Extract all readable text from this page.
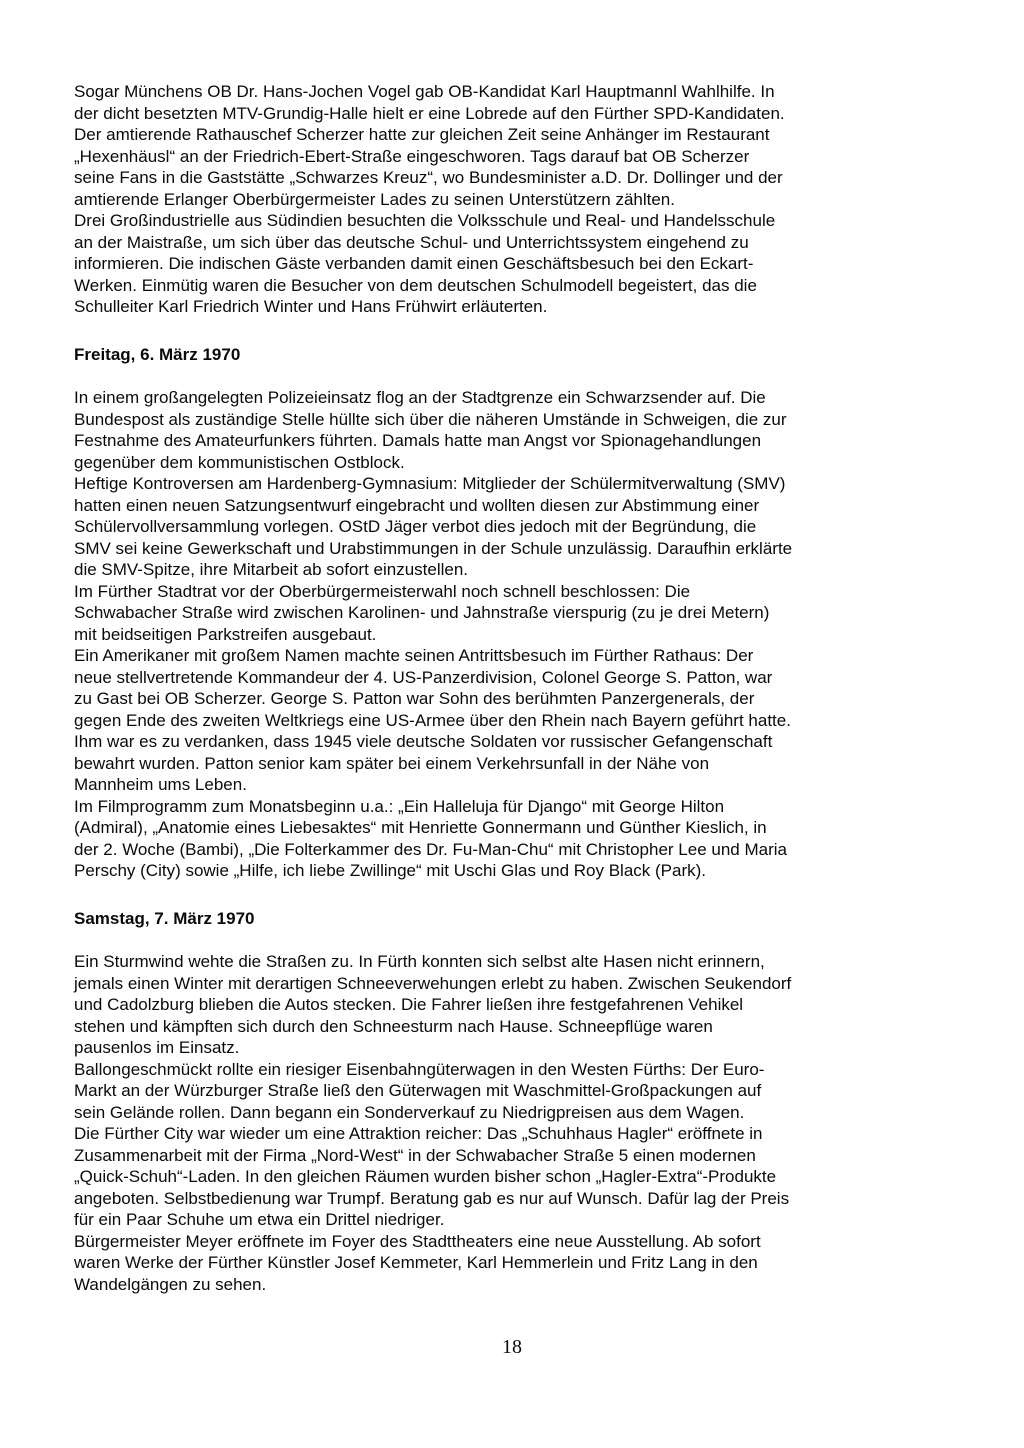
Sogar Münchens OB Dr. Hans-Jochen Vogel gab OB-Kandidat Karl Hauptmannl Wahlhilfe. In
der dicht besetzten MTV-Grundig-Halle hielt er eine Lobrede auf den Fürther SPD-Kandidaten.
Der amtierende Rathauschef Scherzer hatte zur gleichen Zeit seine Anhänger im Restaurant
„Hexenhäusl“ an der Friedrich-Ebert-Straße eingeschworen. Tags darauf bat OB Scherzer
seine Fans in die Gaststätte „Schwarzes Kreuz“, wo Bundesminister a.D. Dr. Dollinger und der
amtierende Erlanger Oberbürgermeister Lades zu seinen Unterstützern zählten.
Drei Großindustrielle aus Südindien besuchten die Volksschule und Real- und Handelsschule
an der Maistraße, um sich über das deutsche Schul- und Unterrichtssystem eingehend zu
informieren. Die indischen Gäste verbanden damit einen Geschäftsbesuch bei den Eckart-
Werken. Einmütig waren die Besucher von dem deutschen Schulmodell begeistert, das die
Schulleiter Karl Friedrich Winter und Hans Frühwirt erläuterten.
Freitag, 6. März 1970
In einem großangelegten Polizeieinsatz flog an der Stadtgrenze ein Schwarzsender auf. Die
Bundespost als zuständige Stelle hüllte sich über die näheren Umstände in Schweigen, die zur
Festnahme des Amateurfunkers führten. Damals hatte man Angst vor Spionagehandlungen
gegenüber dem kommunistischen Ostblock.
Heftige Kontroversen am Hardenberg-Gymnasium: Mitglieder der Schülermitverwaltung (SMV)
hatten einen neuen Satzungsentwurf eingebracht und wollten diesen zur Abstimmung einer
Schülervollversammlung vorlegen. OStD Jäger verbot dies jedoch mit der Begründung, die
SMV sei keine Gewerkschaft und Urabstimmungen in der Schule unzulässig. Daraufhin erklärte
die SMV-Spitze, ihre Mitarbeit ab sofort einzustellen.
Im Fürther Stadtrat vor der Oberbürgermeisterwahl noch schnell beschlossen: Die
Schwabacher Straße wird zwischen Karolinen- und Jahnstraße vierspurig (zu je drei Metern)
mit beidseitigen Parkstreifen ausgebaut.
Ein Amerikaner mit großem Namen machte seinen Antrittsbesuch im Fürther Rathaus: Der
neue stellvertretende Kommandeur der 4. US-Panzerdivision, Colonel George S. Patton, war
zu Gast bei OB Scherzer. George S. Patton war Sohn des berühmten Panzergenerals, der
gegen Ende des zweiten Weltkriegs eine US-Armee über den Rhein nach Bayern geführt hatte.
Ihm war es zu verdanken, dass 1945 viele deutsche Soldaten vor russischer Gefangenschaft
bewahrt wurden. Patton senior kam später bei einem Verkehrsunfall in der Nähe von
Mannheim ums Leben.
Im Filmprogramm zum Monatsbeginn u.a.: „Ein Halleluja für Django“ mit George Hilton
(Admiral), „Anatomie eines Liebesaktes“ mit Henriette Gonnermann und Günther Kieslich, in
der 2. Woche (Bambi), „Die Folterkammer des Dr. Fu-Man-Chu“ mit Christopher Lee und Maria
Perschy (City) sowie „Hilfe, ich liebe Zwillinge“ mit Uschi Glas und Roy Black (Park).
Samstag, 7. März 1970
Ein Sturmwind wehte die Straßen zu. In Fürth konnten sich selbst alte Hasen nicht erinnern,
jemals einen Winter mit derartigen Schneeverwehungen erlebt zu haben. Zwischen Seukendorf
und Cadolzburg blieben die Autos stecken. Die Fahrer ließen ihre festgefahrenen Vehikel
stehen und kämpften sich durch den Schneesturm nach Hause. Schneepflüge waren
pausenlos im Einsatz.
Ballongeschmückt rollte ein riesiger Eisenbahngüterwagen in den Westen Fürths: Der Euro-
Markt an der Würzburger Straße ließ den Güterwagen mit Waschmittel-Großpackungen auf
sein Gelände rollen. Dann begann ein Sonderverkauf zu Niedrigpreisen aus dem Wagen.
Die Fürther City war wieder um eine Attraktion reicher: Das „Schuhhaus Hagler“ eröffnete in
Zusammenarbeit mit der Firma „Nord-West“ in der Schwabacher Straße 5 einen modernen
„Quick-Schuh“-Laden. In den gleichen Räumen wurden bisher schon „Hagler-Extra“-Produkte
angeboten. Selbstbedienung war Trumpf. Beratung gab es nur auf Wunsch. Dafür lag der Preis
für ein Paar Schuhe um etwa ein Drittel niedriger.
Bürgermeister Meyer eröffnete im Foyer des Stadttheaters eine neue Ausstellung. Ab sofort
waren Werke der Fürther Künstler Josef Kemmeter, Karl Hemmerlein und Fritz Lang in den
Wandelgängen zu sehen.
18
